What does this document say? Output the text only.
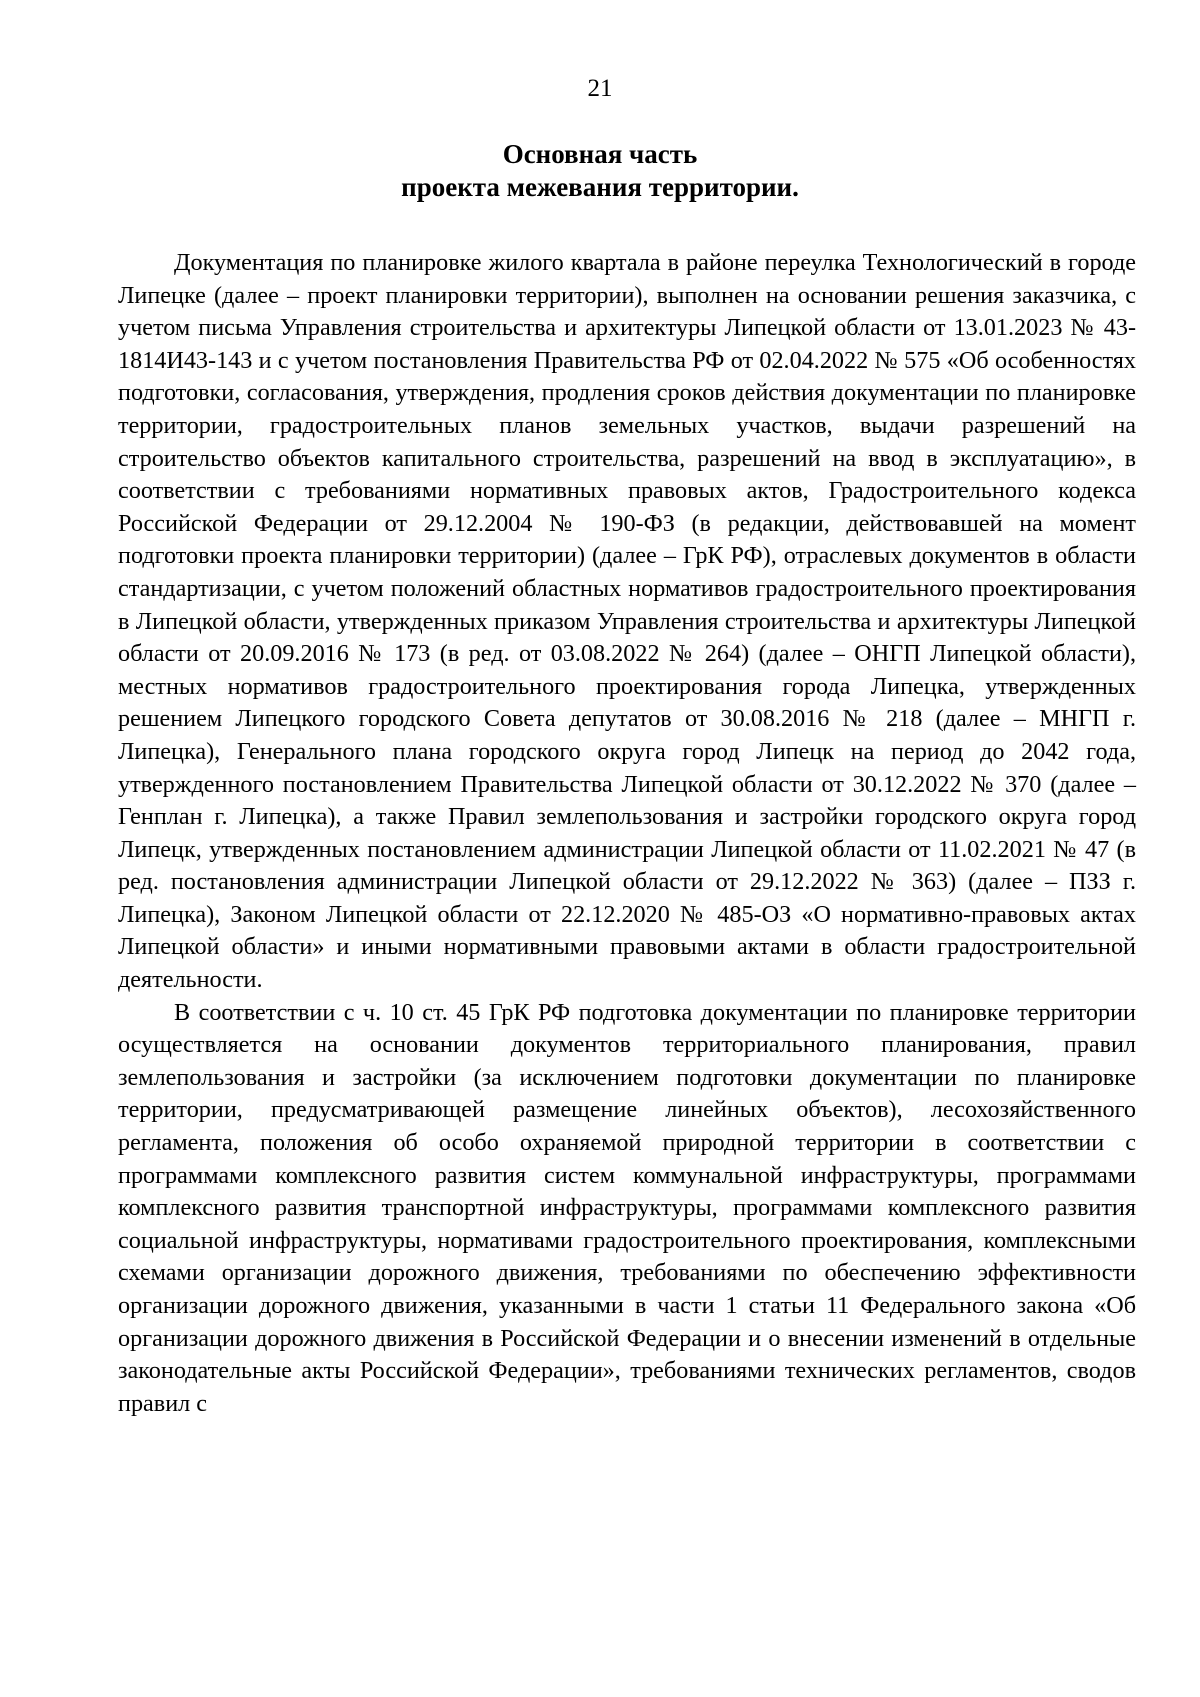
21
Основная часть
проекта межевания территории.

Документация по планировке жилого квартала в районе переулка Технологический в городе Липецке (далее – проект планировки территории), выполнен на основании решения заказчика, с учетом письма Управления строительства и архитектуры Липецкой области от 13.01.2023 № 43-1814И43-143 и с учетом постановления Правительства РФ от 02.04.2022 № 575 «Об особенностях подготовки, согласования, утверждения, продления сроков действия документации по планировке территории, градостроительных планов земельных участков, выдачи разрешений на строительство объектов капитального строительства, разрешений на ввод в эксплуатацию», в соответствии с требованиями нормативных правовых актов, Градостроительного кодекса Российской Федерации от 29.12.2004 № 190-ФЗ (в редакции, действовавшей на момент подготовки проекта планировки территории) (далее – ГрК РФ), отраслевых документов в области стандартизации, с учетом положений областных нормативов градостроительного проектирования в Липецкой области, утвержденных приказом Управления строительства и архитектуры Липецкой области от 20.09.2016 № 173 (в ред. от 03.08.2022 № 264) (далее – ОНГП Липецкой области), местных нормативов градостроительного проектирования города Липецка, утвержденных решением Липецкого городского Совета депутатов от 30.08.2016 № 218 (далее – МНГП г. Липецка), Генерального плана городского округа город Липецк на период до 2042 года, утвержденного постановлением Правительства Липецкой области от 30.12.2022 № 370 (далее – Генплан г. Липецка), а также Правил землепользования и застройки городского округа город Липецк, утвержденных постановлением администрации Липецкой области от 11.02.2021 № 47 (в ред. постановления администрации Липецкой области от 29.12.2022 № 363) (далее – ПЗЗ г. Липецка), Законом Липецкой области от 22.12.2020 № 485-ОЗ «О нормативно-правовых актах Липецкой области» и иными нормативными правовыми актами в области градостроительной деятельности.

В соответствии с ч. 10 ст. 45 ГрК РФ подготовка документации по планировке территории осуществляется на основании документов территориального планирования, правил землепользования и застройки (за исключением подготовки документации по планировке территории, предусматривающей размещение линейных объектов), лесохозяйственного регламента, положения об особо охраняемой природной территории в соответствии с программами комплексного развития систем коммунальной инфраструктуры, программами комплексного развития транспортной инфраструктуры, программами комплексного развития социальной инфраструктуры, нормативами градостроительного проектирования, комплексными схемами организации дорожного движения, требованиями по обеспечению эффективности организации дорожного движения, указанными в части 1 статьи 11 Федерального закона «Об организации дорожного движения в Российской Федерации и о внесении изменений в отдельные законодательные акты Российской Федерации», требованиями технических регламентов, сводов правил с
